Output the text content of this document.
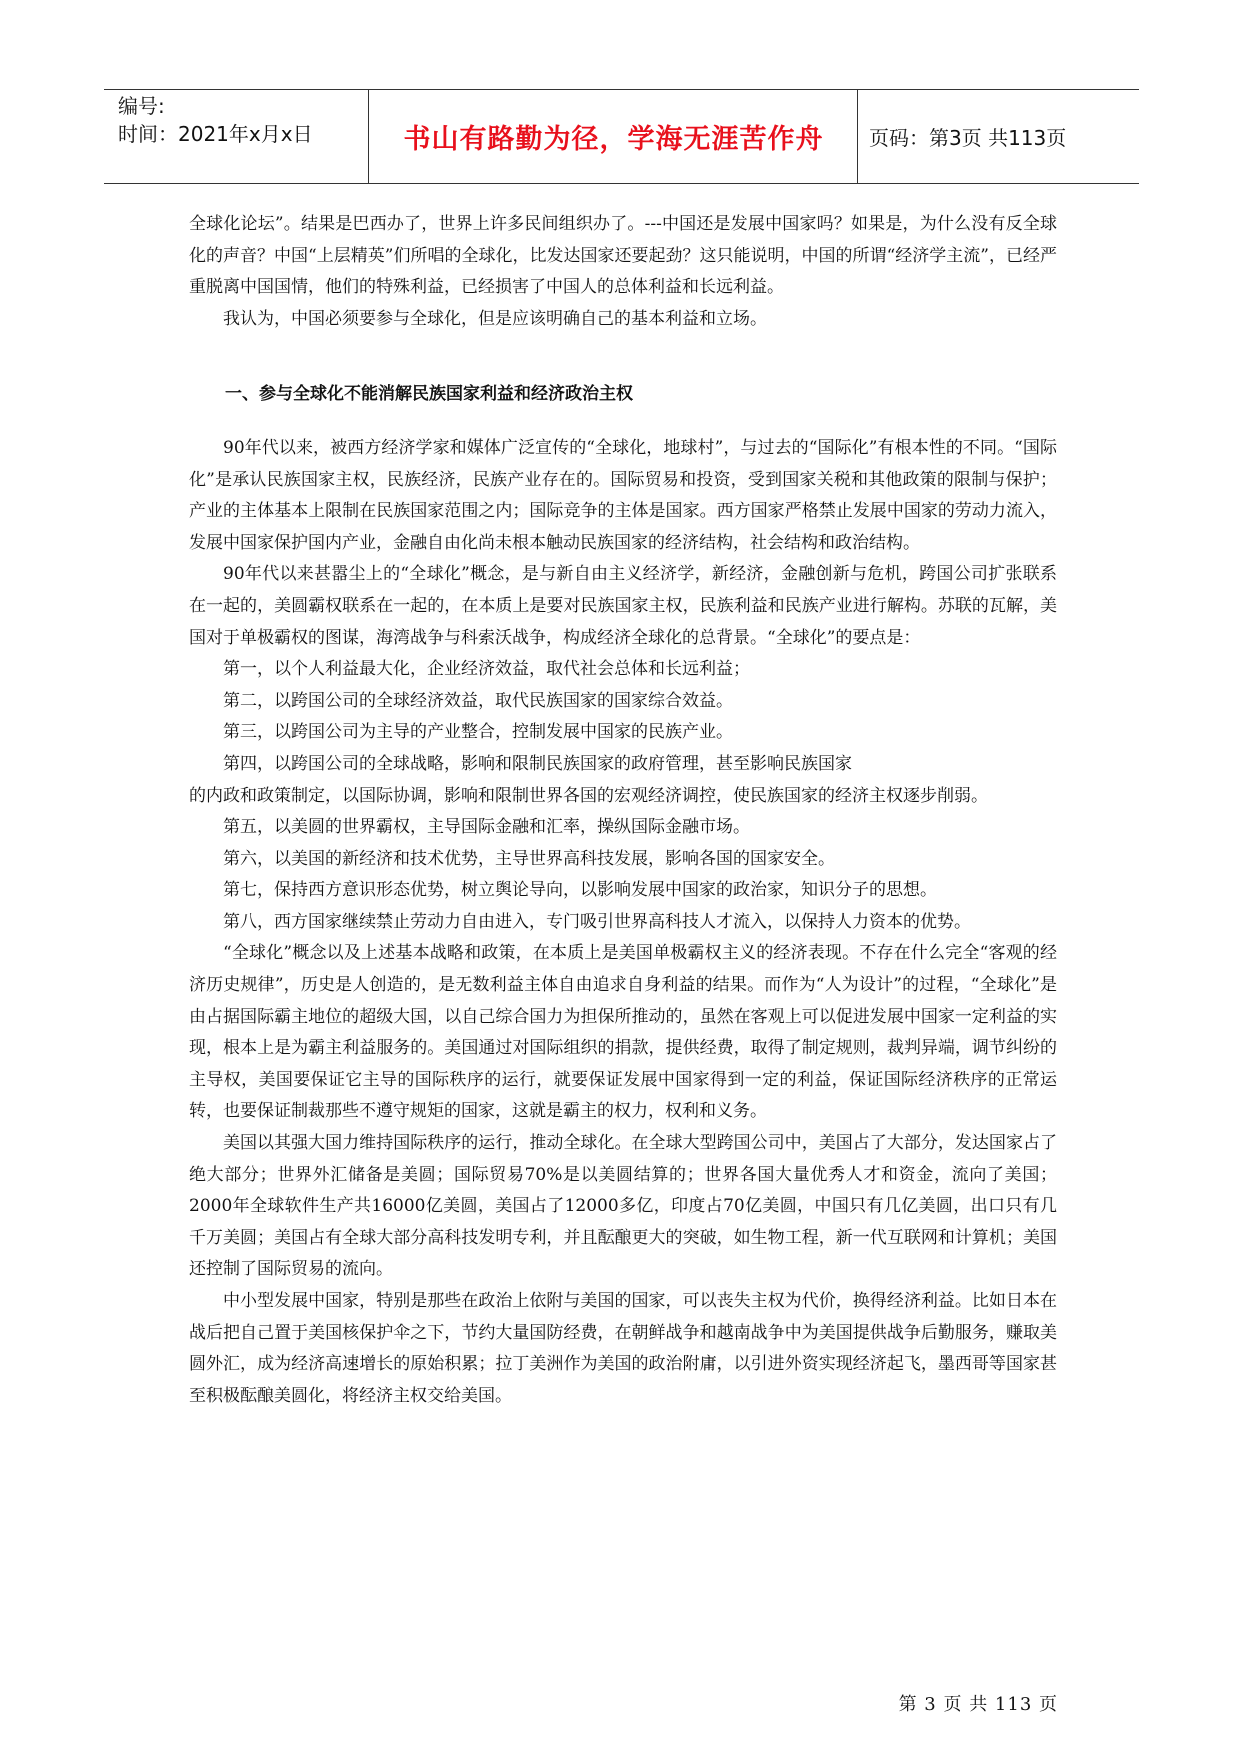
编号:
时间：2021年x月x日	书山有路勤为径，学海无涯苦作舟	页码：第3页 共113页

全球化论坛”。结果是巴西办了，世界上许多民间组织办了。---中国还是发展中国家吗？如果是，为什么没有反全球化的声音？中国“上层精英”们所唱的全球化，比发达国家还要起劲？这只能说明，中国的所谓“经济学主流”，已经严重脱离中国国情，他们的特殊利益，已经损害了中国人的总体利益和长远利益。

我认为，中国必须要参与全球化，但是应该明确自己的基本利益和立场。

一、参与全球化不能消解民族国家利益和经济政治主权

90年代以来，被西方经济学家和媒体广泛宣传的“全球化，地球村”，与过去的“国际化”有根本性的不同。“国际化”是承认民族国家主权，民族经济，民族产业存在的。国际贸易和投资，受到国家关税和其他政策的限制与保护；产业的主体基本上限制在民族国家范围之内；国际竞争的主体是国家。西方国家严格禁止发展中国家的劳动力流入，发展中国家保护国内产业，金融自由化尚未根本触动民族国家的经济结构，社会结构和政治结构。

90年代以来甚嚣尘上的“全球化”概念，是与新自由主义经济学，新经济，金融创新与危机，跨国公司扩张联系在一起的，美圆霸权联系在一起的，在本质上是要对民族国家主权，民族利益和民族产业进行解构。苏联的瓦解，美国对于单极霸权的图谋，海湾战争与科索沃战争，构成经济全球化的总背景。“全球化”的要点是：

第一，以个人利益最大化，企业经济效益，取代社会总体和长远利益；

第二，以跨国公司的全球经济效益，取代民族国家的国家综合效益。

第三，以跨国公司为主导的产业整合，控制发展中国家的民族产业。

第四，以跨国公司的全球战略，影响和限制民族国家的政府管理，甚至影响民族国家

的内政和政策制定，以国际协调，影响和限制世界各国的宏观经济调控，使民族国家的经济主权逐步削弱。

第五，以美圆的世界霸权，主导国际金融和汇率，操纵国际金融市场。

第六，以美国的新经济和技术优势，主导世界高科技发展，影响各国的国家安全。

第七，保持西方意识形态优势，树立舆论导向，以影响发展中国家的政治家，知识分子的思想。

第八，西方国家继续禁止劳动力自由进入，专门吸引世界高科技人才流入，以保持人力资本的优势。

“全球化”概念以及上述基本战略和政策，在本质上是美国单极霸权主义的经济表现。不存在什么完全“客观的经济历史规律”，历史是人创造的，是无数利益主体自由追求自身利益的结果。而作为“人为设计”的过程，“全球化”是由占据国际霸主地位的超级大国，以自己综合国力为担保所推动的，虽然在客观上可以促进发展中国家一定利益的实现，根本上是为霸主利益服务的。美国通过对国际组织的捐款，提供经费，取得了制定规则，裁判异端，调节纠纷的主导权，美国要保证它主导的国际秩序的运行，就要保证发展中国家得到一定的利益，保证国际经济秩序的正常运转，也要保证制裁那些不遵守规矩的国家，这就是霸主的权力，权利和义务。

美国以其强大国力维持国际秩序的运行，推动全球化。在全球大型跨国公司中，美国占了大部分，发达国家占了绝大部分；世界外汇储备是美圆；国际贸易70%是以美圆结算的；世界各国大量优秀人才和资金，流向了美国；2000年全球软件生产共16000亿美圆，美国占了12000多亿，印度占70亿美圆，中国只有几亿美圆，出口只有几千万美圆；美国占有全球大部分高科技发明专利，并且酝酿更大的突破，如生物工程，新一代互联网和计算机；美国还控制了国际贸易的流向。

中小型发展中国家，特别是那些在政治上依附与美国的国家，可以丧失主权为代价，换得经济利益。比如日本在战后把自己置于美国核保护伞之下，节约大量国防经费，在朝鲜战争和越南战争中为美国提供战争后勤服务，赚取美圆外汇，成为经济高速增长的原始积累；拉丁美洲作为美国的政治附庸，以引进外资实现经济起飞，墨西哥等国家甚至积极酝酿美圆化，将经济主权交给美国。

第 3 页 共 113 页
